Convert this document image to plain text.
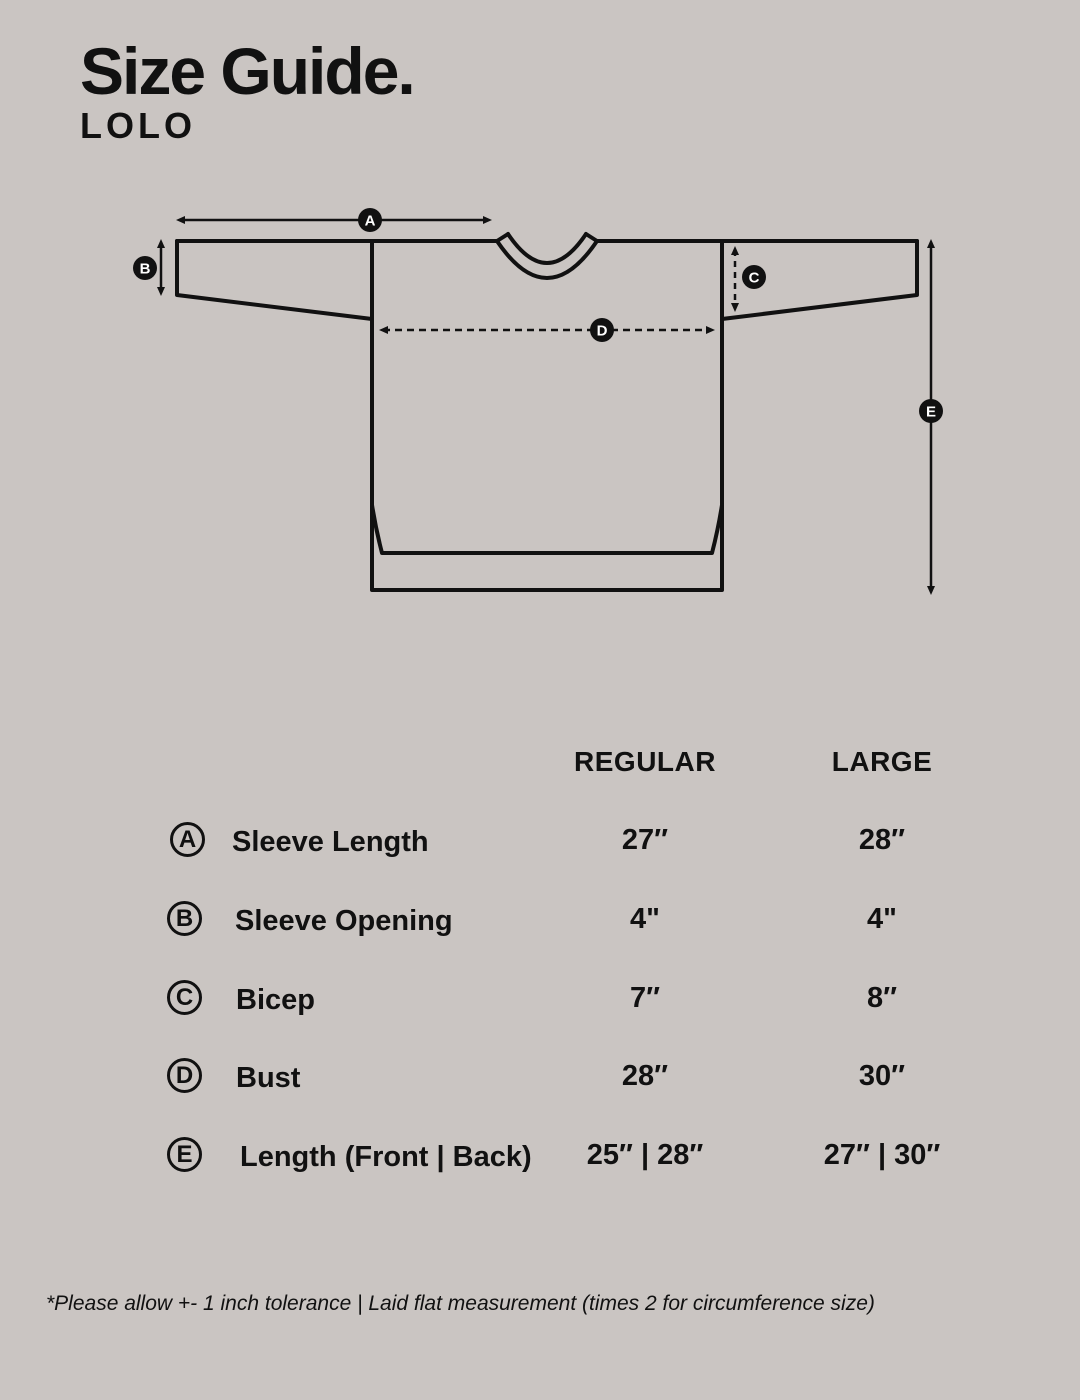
Size Guide.
LOLO
A
B
C
D
E
REGULAR	LARGE
A	Sleeve Length	27″	28″
B	Sleeve Opening	4"	4"
C	Bicep	7″	8″
D	Bust	28″	30″
E	Length (Front | Back)	25″ | 28″	27″ | 30″
*Please allow +- 1 inch tolerance | Laid flat measurement (times 2 for circumference size)
